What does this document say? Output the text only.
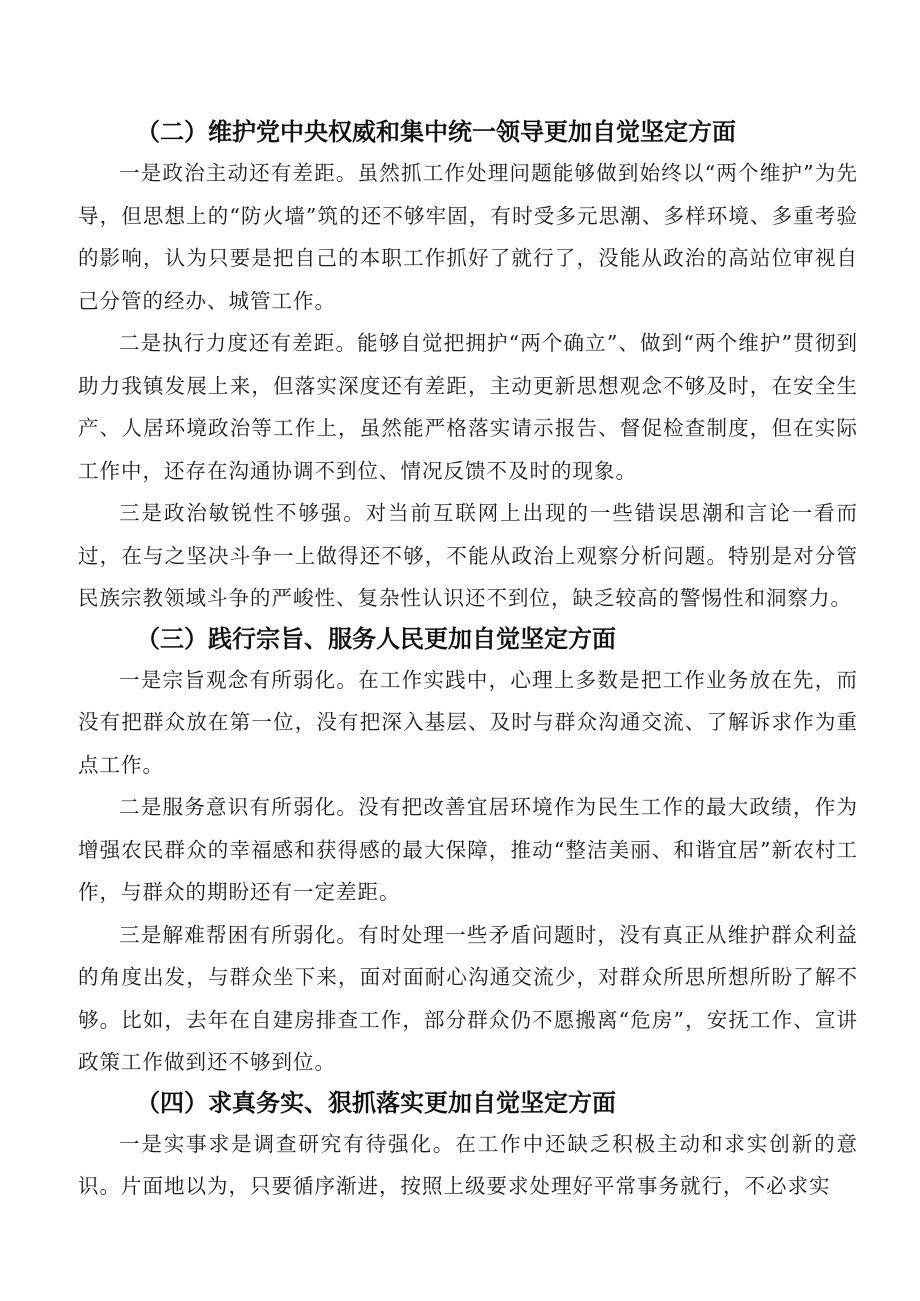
（二）维护党中央权威和集中统一领导更加自觉坚定方面

一是政治主动还有差距。虽然抓工作处理问题能够做到始终以“两个维护”为先导，但思想上的“防火墙”筑的还不够牢固，有时受多元思潮、多样环境、多重考验的影响，认为只要是把自己的本职工作抓好了就行了，没能从政治的高站位审视自己分管的经办、城管工作。

二是执行力度还有差距。能够自觉把拥护“两个确立”、做到“两个维护”贯彻到助力我镇发展上来，但落实深度还有差距，主动更新思想观念不够及时，在安全生产、人居环境政治等工作上，虽然能严格落实请示报告、督促检查制度，但在实际工作中，还存在沟通协调不到位、情况反馈不及时的现象。

三是政治敏锐性不够强。对当前互联网上出现的一些错误思潮和言论一看而过，在与之坚决斗争一上做得还不够，不能从政治上观察分析问题。特别是对分管民族宗教领域斗争的严峻性、复杂性认识还不到位，缺乏较高的警惕性和洞察力。

（三）践行宗旨、服务人民更加自觉坚定方面

一是宗旨观念有所弱化。在工作实践中，心理上多数是把工作业务放在先，而没有把群众放在第一位，没有把深入基层、及时与群众沟通交流、了解诉求作为重点工作。

二是服务意识有所弱化。没有把改善宜居环境作为民生工作的最大政绩，作为增强农民群众的幸福感和获得感的最大保障，推动“整洁美丽、和谐宜居”新农村工作，与群众的期盼还有一定差距。

三是解难帮困有所弱化。有时处理一些矛盾问题时，没有真正从维护群众利益的角度出发，与群众坐下来，面对面耐心沟通交流少，对群众所思所想所盼了解不够。比如，去年在自建房排查工作，部分群众仍不愿搬离“危房”，安抚工作、宣讲政策工作做到还不够到位。

（四）求真务实、狠抓落实更加自觉坚定方面

一是实事求是调查研究有待强化。在工作中还缺乏积极主动和求实创新的意识。片面地以为，只要循序渐进，按照上级要求处理好平常事务就行，不必求实
